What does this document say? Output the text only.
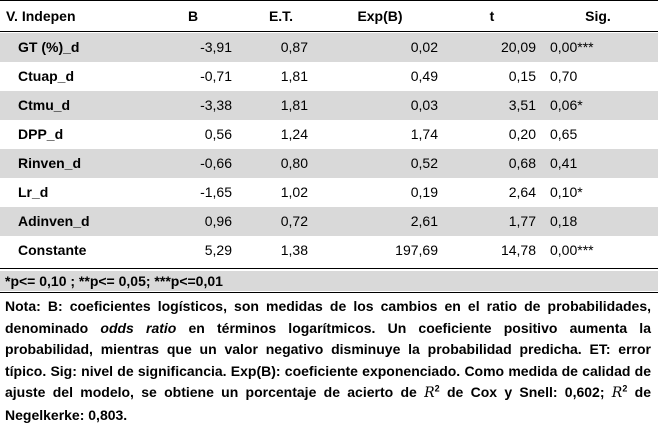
V. Indepen	B	E.T.	Exp(B)	t	Sig.
GT (%)_d	-3,91	0,87	0,02	20,09 0,00***
Ctuap_d	-0,71	1,81	0,49	0,15 0,70
Ctmu_d	-3,38	1,81	0,03	3,51 0,06*
DPP_d	0,56	1,24	1,74	0,20 0,65
Rinven_d	-0,66	0,80	0,52	0,68 0,41
Lr_d	-1,65	1,02	0,19	2,64 0,10*
Adinven_d	0,96	0,72	2,61	1,77 0,18
Constante	5,29	1,38	197,69	14,78 0,00***
*p<= 0,10 ; **p<= 0,05; ***p<=0,01
Nota: B: coeficientes logísticos, son medidas de los cambios en el ratio de probabilidades, denominado odds ratio en términos logarítmicos. Un coeficiente positivo aumenta la probabilidad, mientras que un valor negativo disminuye la probabilidad predicha. ET: error típico. Sig: nivel de significancia. Exp(B): coeficiente exponenciado. Como medida de calidad de ajuste del modelo, se obtiene un porcentaje de acierto de $R^2$ de Cox y Snell: 0,602; $R^2$ de Negelkerke: 0,803.
